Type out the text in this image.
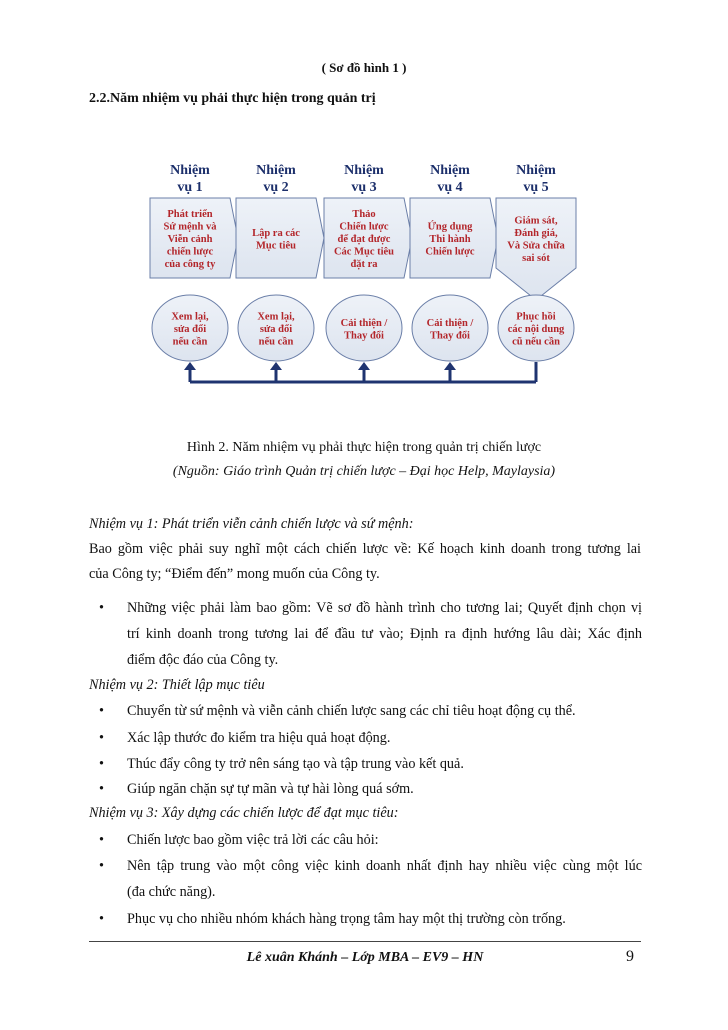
( Sơ đồ hình 1 )
2.2.Năm nhiệm vụ phải thực hiện trong quản trị
Nhiệm
vụ 1
Phát triển
Sứ mệnh và
Viễn cảnh
chiến lược
của công ty
Xem lại,
sửa đổi
nếu cần
Nhiệm
vụ 2
Lập ra các
Mục tiêu
Xem lại,
sửa đổi
nếu cần
Nhiệm
vụ 3
Thảo
Chiến lược
để đạt được
Các Mục tiêu
đặt ra
Cải thiện /
Thay đổi
Nhiệm
vụ 4
Ứng dụng
Thi hành
Chiến lược
Cải thiện /
Thay đổi
Nhiệm
vụ 5
Giám sát,
Đánh giá,
Và Sửa chữa
sai sót
Phục hồi
các nội dung
cũ nếu cần
Hình 2. Năm nhiệm vụ phải thực hiện trong quản trị chiến lược
(Nguồn: Giáo trình Quản trị chiến lược – Đại học Help, Maylaysia)
Nhiệm vụ 1: Phát triển viễn cảnh chiến lược và sứ mệnh:
Bao gồm việc phải suy nghĩ một cách chiến lược về: Kế hoạch kinh doanh trong tương lai
của Công ty; “Điểm đến” mong muốn của Công ty.
• Những việc phải làm bao gồm: Vẽ sơ đồ hành trình cho tương lai; Quyết định chọn vị
trí kinh doanh trong tương lai để đầu tư vào; Định ra định hướng lâu dài; Xác định
điểm độc đáo của Công ty.
Nhiệm vụ 2: Thiết lập mục tiêu
• Chuyển từ sứ mệnh và viễn cảnh chiến lược sang các chỉ tiêu hoạt động cụ thể.
• Xác lập thước đo kiểm tra hiệu quả hoạt động.
• Thúc đẩy công ty trở nên sáng tạo và tập trung vào kết quả.
• Giúp ngăn chặn sự tự mãn và tự hài lòng quá sớm.
Nhiệm vụ 3: Xây dựng các chiến lược để đạt mục tiêu:
• Chiến lược bao gồm việc trả lời các câu hỏi:
• Nên tập trung vào một công việc kinh doanh nhất định hay nhiều việc cùng một lúc
(đa chức năng).
• Phục vụ cho nhiều nhóm khách hàng trọng tâm hay một thị trường còn trống.
Lê xuân Khánh – Lớp MBA – EV9 – HN	9
